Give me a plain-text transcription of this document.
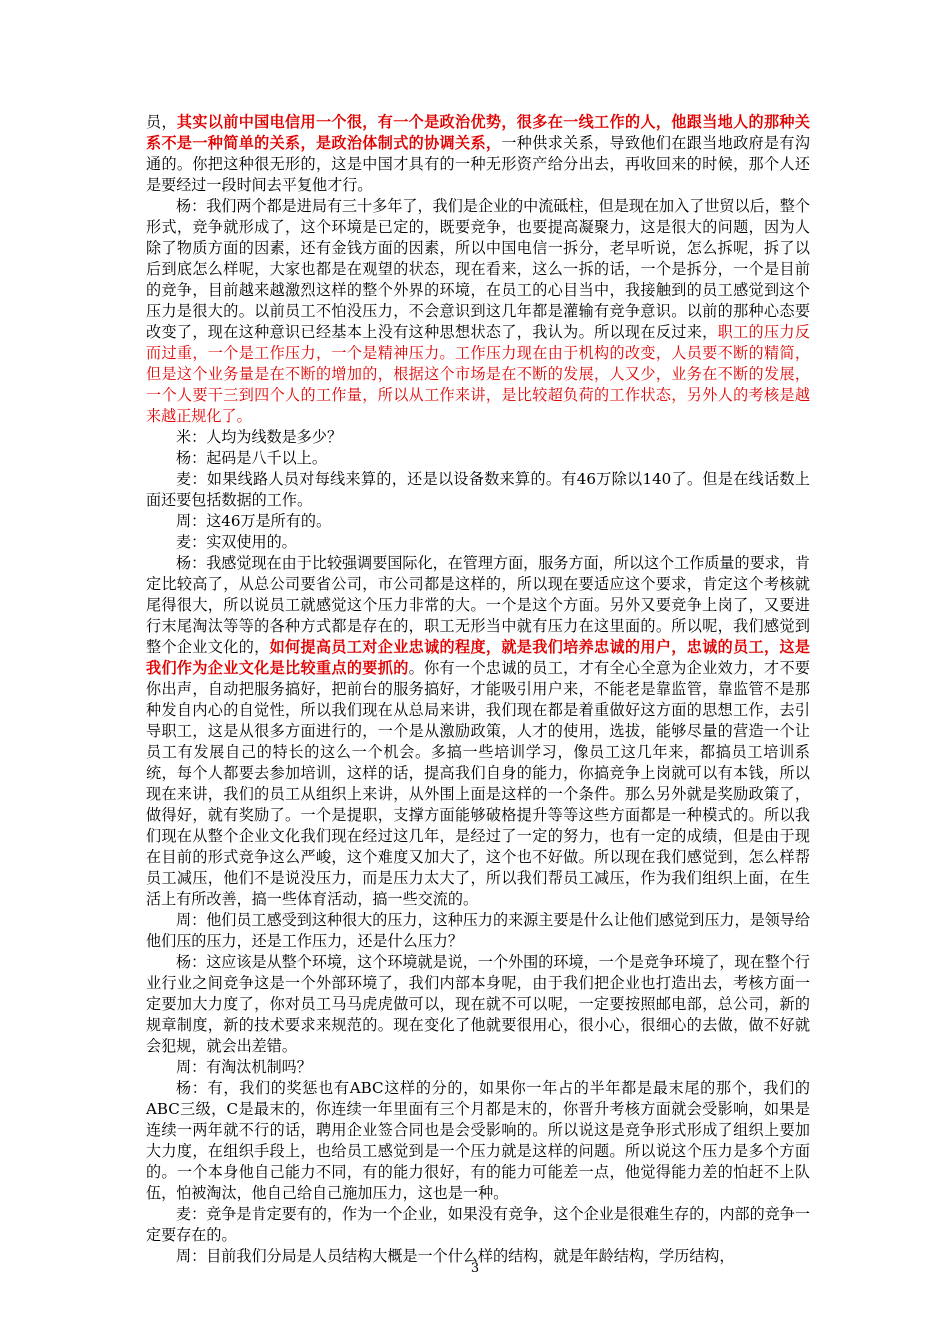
员，其实以前中国电信用一个很，有一个是政治优势，很多在一线工作的人，他跟当地人的那种关系不是一种简单的关系，是政治体制式的协调关系，一种供求关系，导致他们在跟当地政府是有沟通的。你把这种很无形的，这是中国才具有的一种无形资产给分出去，再收回来的时候，那个人还是要经过一段时间去平复他才行。

杨：我们两个都是进局有三十多年了，我们是企业的中流砥柱，但是现在加入了世贸以后，整个形式，竞争就形成了，这个环境是已定的，既要竞争，也要提高凝聚力，这是很大的问题，因为人除了物质方面的因素，还有金钱方面的因素，所以中国电信一拆分，老早听说，怎么拆呢，拆了以后到底怎么样呢，大家也都是在观望的状态，现在看来，这么一拆的话，一个是拆分，一个是目前的竞争，目前越来越激烈这样的整个外界的环境，在员工的心目当中，我接触到的员工感觉到这个压力是很大的。以前员工不怕没压力，不会意识到这几年都是灌输有竞争意识。以前的那种心态要改变了，现在这种意识已经基本上没有这种思想状态了，我认为。所以现在反过来，职工的压力反而过重，一个是工作压力，一个是精神压力。工作压力现在由于机构的改变，人员要不断的精简，但是这个业务量是在不断的增加的，根据这个市场是在不断的发展，人又少，业务在不断的发展，一个人要干三到四个人的工作量，所以从工作来讲，是比较超负荷的工作状态，另外人的考核是越来越正规化了。

米：人均为线数是多少？

杨：起码是八千以上。

麦：如果线路人员对每线来算的，还是以设备数来算的。有46万除以140了。但是在线话数上面还要包括数据的工作。

周：这46万是所有的。

麦：实双使用的。

杨：我感觉现在由于比较强调要国际化，在管理方面，服务方面，所以这个工作质量的要求，肯定比较高了，从总公司要省公司，市公司都是这样的，所以现在要适应这个要求，肯定这个考核就尾得很大，所以说员工就感觉这个压力非常的大。一个是这个方面。另外又要竞争上岗了，又要进行末尾淘汰等等的各种方式都是存在的，职工无形当中就有压力在这里面的。所以呢，我们感觉到整个企业文化的，如何提高员工对企业忠诚的程度，就是我们培养忠诚的用户，忠诚的员工，这是我们作为企业文化是比较重点的要抓的。你有一个忠诚的员工，才有全心全意为企业效力，才不要你出声，自动把服务搞好，把前台的服务搞好，才能吸引用户来，不能老是靠监管，靠监管不是那种发自内心的自觉性，所以我们现在从总局来讲，我们现在都是着重做好这方面的思想工作，去引导职工，这是从很多方面进行的，一个是从激励政策，人才的使用，选拔，能够尽量的营造一个让员工有发展自己的特长的这么一个机会。多搞一些培训学习，像员工这几年来，都搞员工培训系统，每个人都要去参加培训，这样的话，提高我们自身的能力，你搞竞争上岗就可以有本钱，所以现在来讲，我们的员工从组织上来讲，从外围上面是这样的一个条件。那么另外就是奖励政策了，做得好，就有奖励了。一个是提职，支撑方面能够破格提升等等这些方面都是一种模式的。所以我们现在从整个企业文化我们现在经过这几年，是经过了一定的努力，也有一定的成绩，但是由于现在目前的形式竞争这么严峻，这个难度又加大了，这个也不好做。所以现在我们感觉到，怎么样帮员工减压，他们不是说没压力，而是压力太大了，所以我们帮员工减压，作为我们组织上面，在生活上有所改善，搞一些体育活动，搞一些交流的。

周：他们员工感受到这种很大的压力，这种压力的来源主要是什么让他们感觉到压力，是领导给他们压的压力，还是工作压力，还是什么压力？

杨：这应该是从整个环境，这个环境就是说，一个外围的环境，一个是竞争环境了，现在整个行业行业之间竞争这是一个外部环境了，我们内部本身呢，由于我们把企业也打造出去，考核方面一定要加大力度了，你对员工马马虎虎做可以，现在就不可以呢，一定要按照邮电部，总公司，新的规章制度，新的技术要求来规范的。现在变化了他就要很用心，很小心，很细心的去做，做不好就会犯规，就会出差错。

周：有淘汰机制吗？

杨：有，我们的奖惩也有ABC这样的分的，如果你一年占的半年都是最末尾的那个，我们的ABC三级，C是最末的，你连续一年里面有三个月都是末的，你晋升考核方面就会受影响，如果是连续一两年就不行的话，聘用企业签合同也是会受影响的。所以说这是竞争形式形成了组织上要加大力度，在组织手段上，也给员工感觉到是一个压力就是这样的问题。所以说这个压力是多个方面的。一个本身他自己能力不同，有的能力很好，有的能力可能差一点，他觉得能力差的怕赶不上队伍，怕被淘汰，他自己给自己施加压力，这也是一种。

麦：竞争是肯定要有的，作为一个企业，如果没有竞争，这个企业是很难生存的，内部的竞争一定要存在的。

周：目前我们分局是人员结构大概是一个什么样的结构，就是年龄结构，学历结构，

3
